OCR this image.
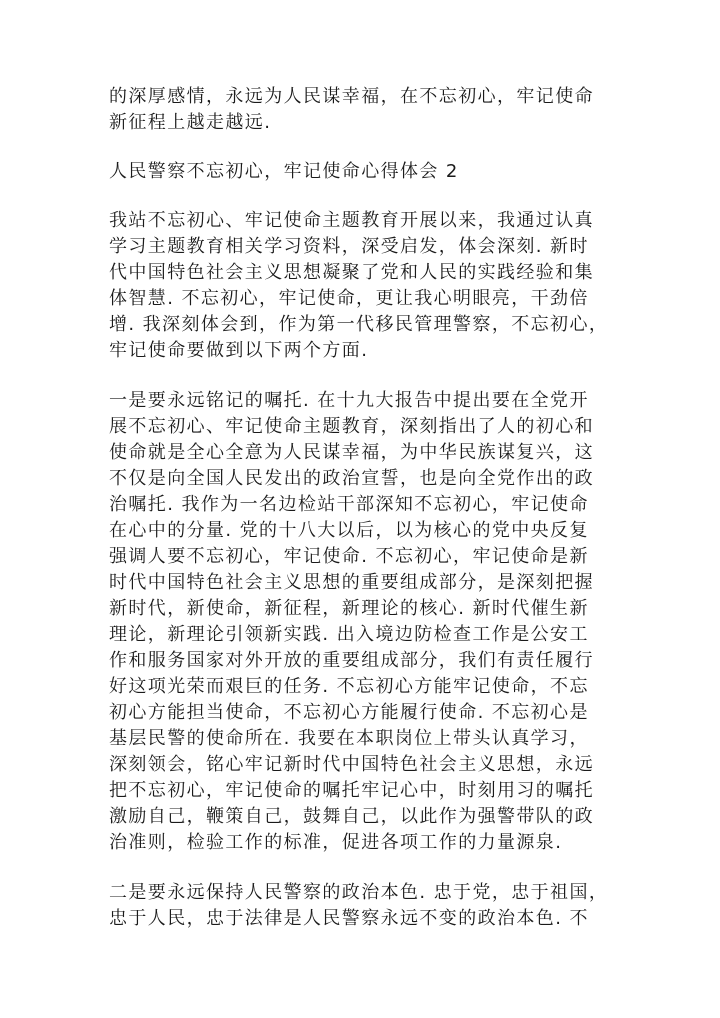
的深厚感情，永远为人民谋幸福，在不忘初心，牢记使命
新征程上越走越远.

人民警察不忘初心，牢记使命心得体会 2

我站不忘初心、牢记使命主题教育开展以来，我通过认真
学习主题教育相关学习资料，深受启发，体会深刻. 新时
代中国特色社会主义思想凝聚了党和人民的实践经验和集
体智慧. 不忘初心，牢记使命，更让我心明眼亮，干劲倍
增. 我深刻体会到，作为第一代移民管理警察，不忘初心，
牢记使命要做到以下两个方面.

一是要永远铭记的嘱托. 在十九大报告中提出要在全党开
展不忘初心、牢记使命主题教育，深刻指出了人的初心和
使命就是全心全意为人民谋幸福，为中华民族谋复兴，这
不仅是向全国人民发出的政治宣誓，也是向全党作出的政
治嘱托. 我作为一名边检站干部深知不忘初心，牢记使命
在心中的分量. 党的十八大以后，以为核心的党中央反复
强调人要不忘初心，牢记使命. 不忘初心，牢记使命是新
时代中国特色社会主义思想的重要组成部分，是深刻把握
新时代，新使命，新征程，新理论的核心. 新时代催生新
理论，新理论引领新实践. 出入境边防检查工作是公安工
作和服务国家对外开放的重要组成部分，我们有责任履行
好这项光荣而艰巨的任务. 不忘初心方能牢记使命，不忘
初心方能担当使命，不忘初心方能履行使命. 不忘初心是
基层民警的使命所在. 我要在本职岗位上带头认真学习，
深刻领会，铭心牢记新时代中国特色社会主义思想，永远
把不忘初心，牢记使命的嘱托牢记心中，时刻用习的嘱托
激励自己，鞭策自己，鼓舞自己，以此作为强警带队的政
治准则，检验工作的标准，促进各项工作的力量源泉.

二是要永远保持人民警察的政治本色. 忠于党，忠于祖国，
忠于人民，忠于法律是人民警察永远不变的政治本色. 不
